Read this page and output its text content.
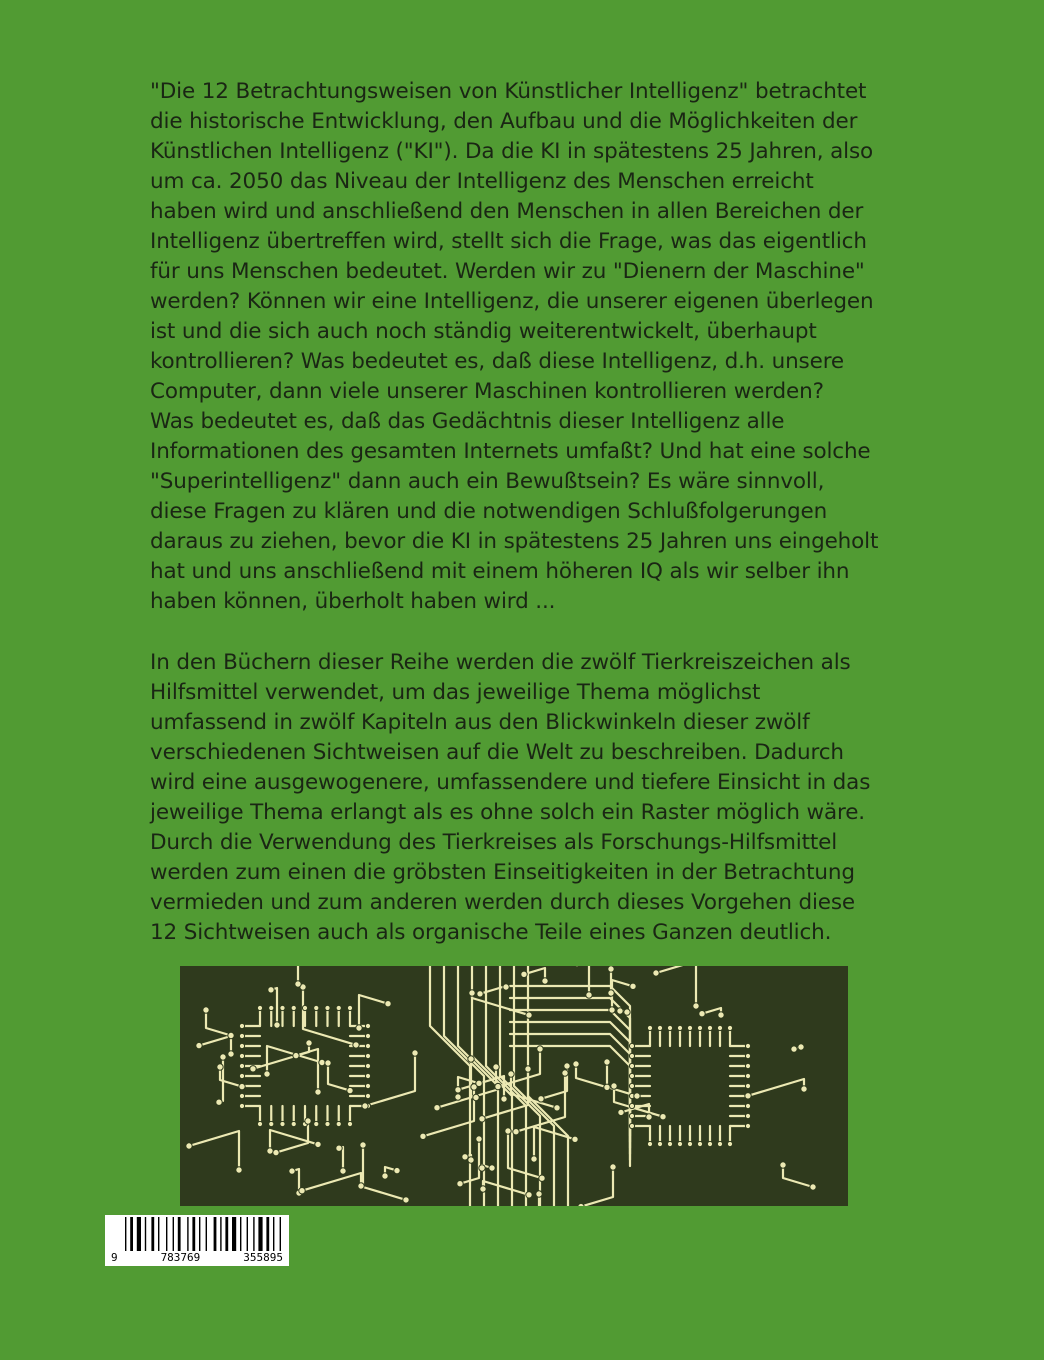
"Die 12 Betrachtungsweisen von Künstlicher Intelligenz" betrachtet
die historische Entwicklung, den Aufbau und die Möglichkeiten der
Künstlichen Intelligenz ("KI"). Da die KI in spätestens 25 Jahren, also
um ca. 2050 das Niveau der Intelligenz des Menschen erreicht
haben wird und anschließend den Menschen in allen Bereichen der
Intelligenz übertreffen wird, stellt sich die Frage, was das eigentlich
für uns Menschen bedeutet. Werden wir zu "Dienern der Maschine"
werden? Können wir eine Intelligenz, die unserer eigenen überlegen
ist und die sich auch noch ständig weiterentwickelt, überhaupt
kontrollieren? Was bedeutet es, daß diese Intelligenz, d.h. unsere
Computer, dann viele unserer Maschinen kontrollieren werden?
Was bedeutet es, daß das Gedächtnis dieser Intelligenz alle
Informationen des gesamten Internets umfaßt? Und hat eine solche
"Superintelligenz" dann auch ein Bewußtsein? Es wäre sinnvoll,
diese Fragen zu klären und die notwendigen Schlußfolgerungen
daraus zu ziehen, bevor die KI in spätestens 25 Jahren uns eingeholt
hat und uns anschließend mit einem höheren IQ als wir selber ihn
haben können, überholt haben wird ...
In den Büchern dieser Reihe werden die zwölf Tierkreiszeichen als
Hilfsmittel verwendet, um das jeweilige Thema möglichst
umfassend in zwölf Kapiteln aus den Blickwinkeln dieser zwölf
verschiedenen Sichtweisen auf die Welt zu beschreiben. Dadurch
wird eine ausgewogenere, umfassendere und tiefere Einsicht in das
jeweilige Thema erlangt als es ohne solch ein Raster möglich wäre.
Durch die Verwendung des Tierkreises als Forschungs-Hilfsmittel
werden zum einen die gröbsten Einseitigkeiten in der Betrachtung
vermieden und zum anderen werden durch dieses Vorgehen diese
12 Sichtweisen auch als organische Teile eines Ganzen deutlich.
9	783769	355895
